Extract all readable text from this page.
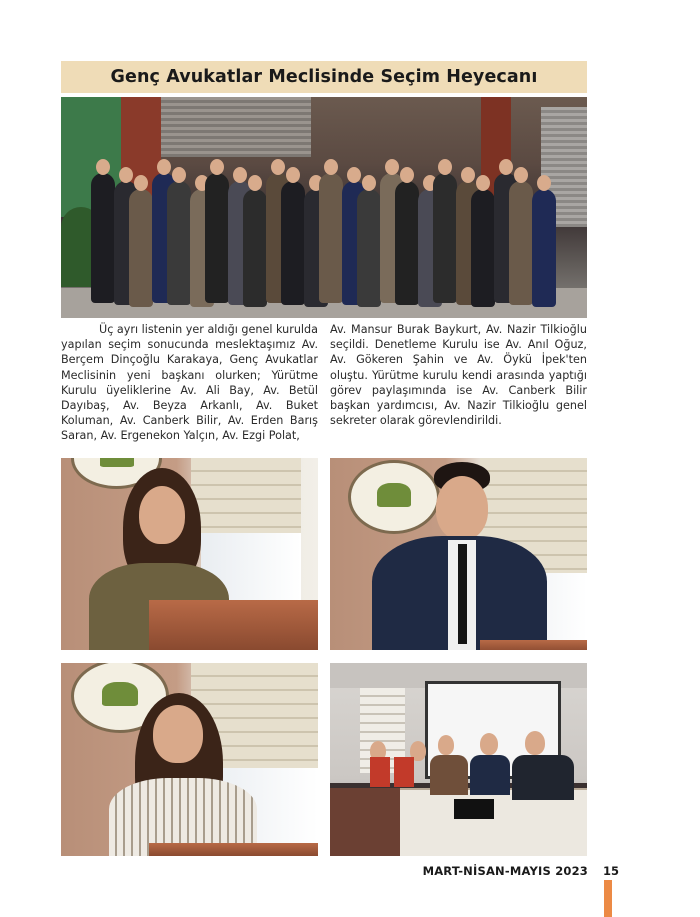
Genç Avukatlar Meclisinde Seçim Heyecanı
Üç ayrı listenin yer aldığı genel kurulda yapılan seçim sonucunda meslektaşımız Av. Berçem Dinçoğlu Karakaya, Genç Avukatlar Meclisinin yeni başkanı olurken; Yürütme Kurulu üyeliklerine Av. Ali Bay, Av. Betül Dayıbaş, Av. Beyza Arkanlı, Av. Buket Koluman, Av. Canberk Bilir, Av. Erden Barış Saran, Av. Ergenekon Yalçın, Av. Ezgi Polat,
Av. Mansur Burak Baykurt, Av. Nazir Tilkioğlu seçildi. Denetleme Kurulu ise Av. Anıl Oğuz, Av. Gökeren Şahin ve Av. Öykü İpek'ten oluştu. Yürütme kurulu kendi arasında yaptığı görev paylaşımında ise Av. Canberk Bilir başkan yardımcısı, Av. Nazir Tilkioğlu genel sekreter olarak görevlendirildi.
MART-NİSAN-MAYIS 2023 15
